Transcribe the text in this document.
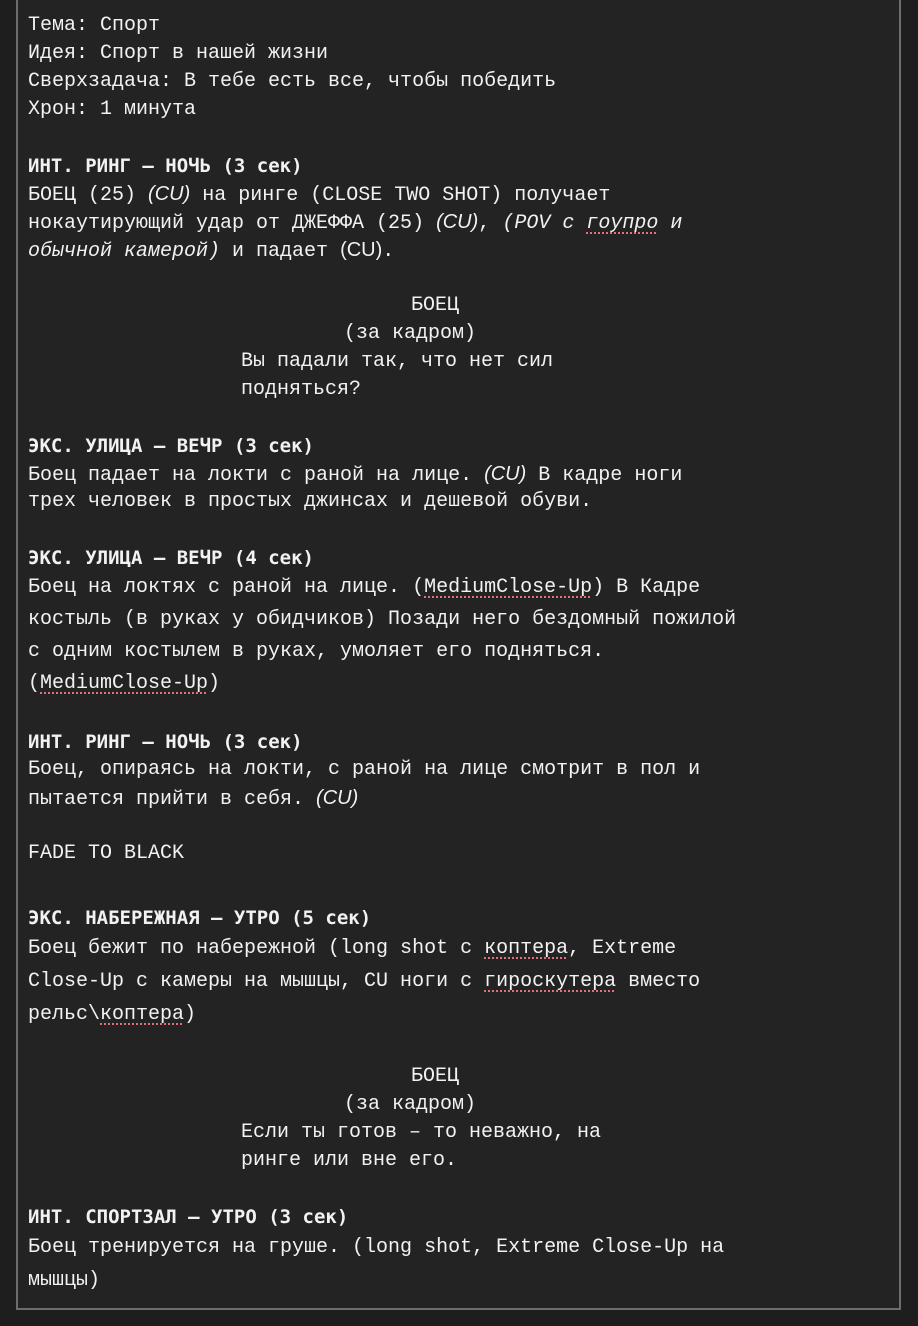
Тема: Спорт
Идея: Спорт в нашей жизни
Сверхзадача: В тебе есть все, чтобы победить
Хрон: 1 минута
ИНТ. РИНГ – НОЧЬ (3 сек)
БОЕЦ (25) (CU) на ринге (CLOSE TWO SHOT) получает
нокаутирующий удар от ДЖЕФФА (25) (CU), (POV с гоупро и
обычной камерой) и падает (CU).
БОЕЦ
(за кадром)
Вы падали так, что нет сил
подняться?
ЭКС. УЛИЦА – ВЕЧР (3 сек)
Боец падает на локти с раной на лице. (CU) В кадре ноги
трех человек в простых джинсах и дешевой обуви.
ЭКС. УЛИЦА – ВЕЧР (4 сек)
Боец на локтях с раной на лице. (MediumClose-Up) В Кадре
костыль (в руках у обидчиков) Позади него бездомный пожилой
с одним костылем в руках, умоляет его подняться.
(MediumClose-Up)
ИНТ. РИНГ – НОЧЬ (3 сек)
Боец, опираясь на локти, с раной на лице смотрит в пол и
пытается прийти в себя. (CU)
FADE TO BLACK
ЭКС. НАБЕРЕЖНАЯ – УТРО (5 сек)
Боец бежит по набережной (long shot с коптера, Extreme
Close-Up с камеры на мышцы, CU ноги с гироскутера вместо
рельс\коптера)
БОЕЦ
(за кадром)
Если ты готов – то неважно, на
ринге или вне его.
ИНТ. СПОРТЗАЛ – УТРО (3 сек)
Боец тренируется на груше. (long shot, Extreme Close-Up на
мышцы)
